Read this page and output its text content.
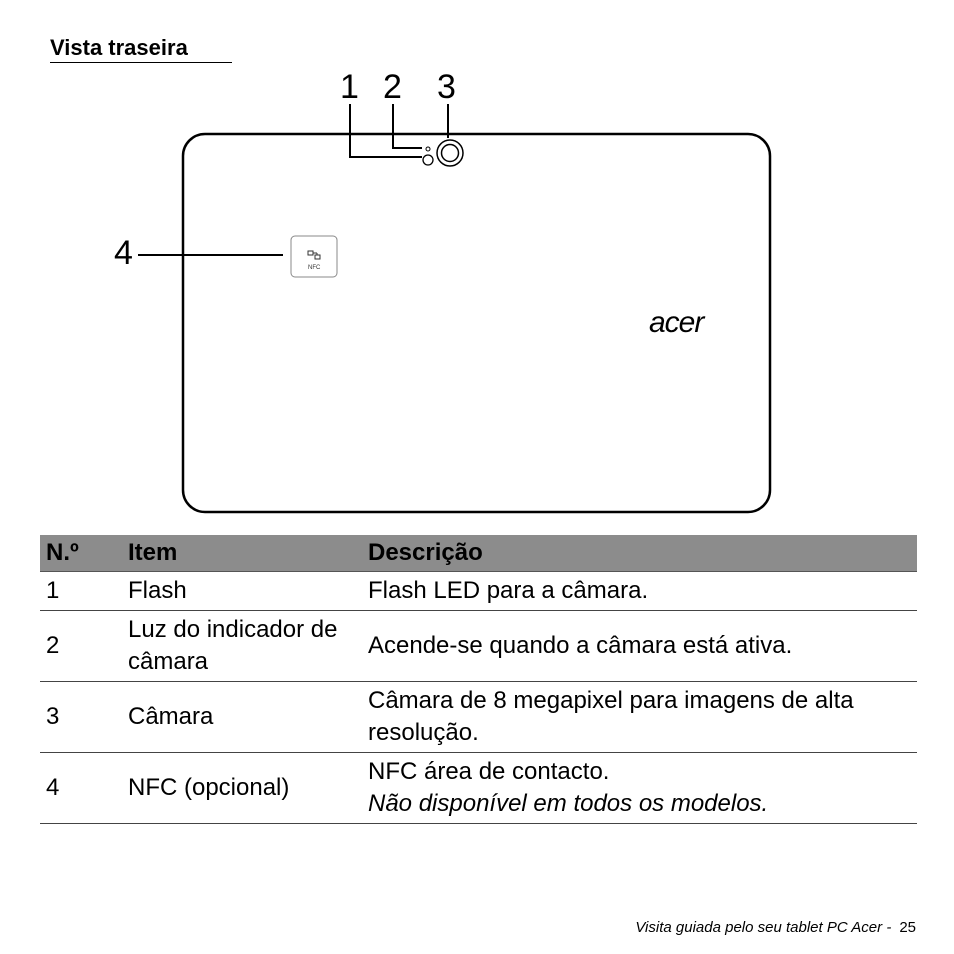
Vista traseira
1 2 3
4	NFC
acer
N.º	Item	Descrição
1	Flash	Flash LED para a câmara.

2	Luz do indicador de câmara	Acende-se quando a câmara está ativa.

3	Câmara	Câmara de 8 megapixel para imagens de alta resolução.

4	NFC (opcional)	NFC área de contacto.
Não disponível em todos os modelos.
Visita guiada pelo seu tablet PC Acer - 25
